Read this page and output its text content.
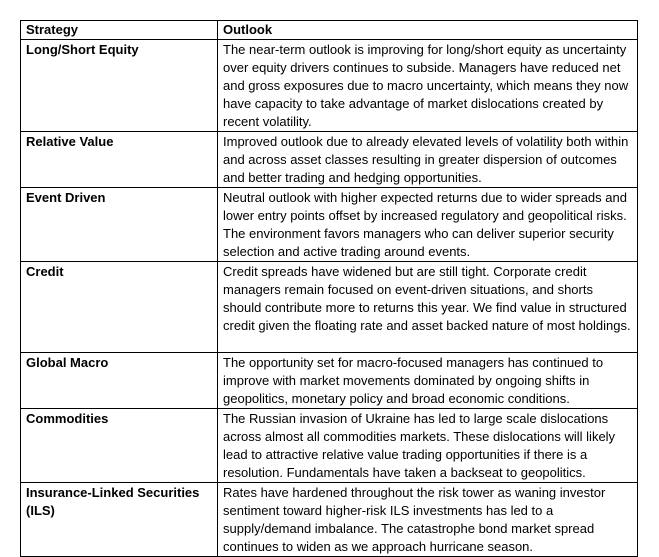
Strategy	Outlook
Long/Short Equity	The near-term outlook is improving for long/short equity as uncertainty over equity drivers continues to subside. Managers have reduced net and gross exposures due to macro uncertainty, which means they now have capacity to take advantage of market dislocations created by recent volatility.
Relative Value	Improved outlook due to already elevated levels of volatility both within and across asset classes resulting in greater dispersion of outcomes and better trading and hedging opportunities.
Event Driven	Neutral outlook with higher expected returns due to wider spreads and lower entry points offset by increased regulatory and geopolitical risks. The environment favors managers who can deliver superior security selection and active trading around events.
Credit	Credit spreads have widened but are still tight. Corporate credit managers remain focused on event-driven situations, and shorts should contribute more to returns this year. We find value in structured credit given the floating rate and asset backed nature of most holdings.
Global Macro	The opportunity set for macro-focused managers has continued to improve with market movements dominated by ongoing shifts in geopolitics, monetary policy and broad economic conditions.
Commodities	The Russian invasion of Ukraine has led to large scale dislocations across almost all commodities markets. These dislocations will likely lead to attractive relative value trading opportunities if there is a resolution. Fundamentals have taken a backseat to geopolitics.
Insurance-Linked Securities (ILS)	Rates have hardened throughout the risk tower as waning investor sentiment toward higher-risk ILS investments has led to a supply/demand imbalance. The catastrophe bond market spread continues to widen as we approach hurricane season.
